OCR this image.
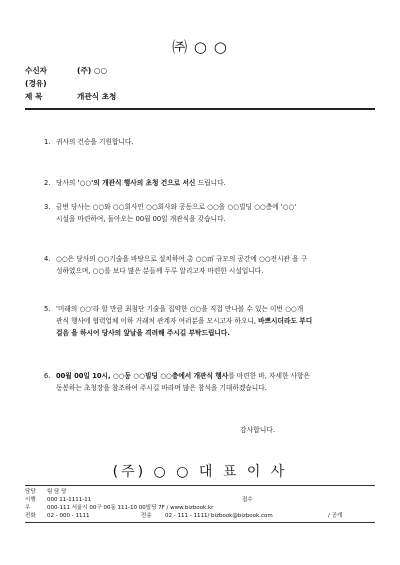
㈜ ○ ○
수신자	(주) ○○
(경유)
제 목	개관식 초청
1. 귀사의 건승을 기원합니다.
2. 당사의 '○○'의 개관식 행사의 초청 건으로 서신 드립니다.
3. 금번 당사는 ○○와 ○○회사인 ○○회사와 공동으로 ○○을 ○○빌딩 ○○층에 '○○'
시설을 마련하여, 돌아오는 00월 00일 개관식을 갖습니다.
4. ○○은 당사의 ○○기술을 바탕으로 설치하여 총 ○○㎡ 규모의 공간에 ○○전시관 을 구
성하였으며, ○○를 보다 많은 분들께 두루 알리고자 마련한 시설입니다.
5. '미래의 ○○'라 할 만큼 최첨단 기술을 집약한 ○○을 직접 만나볼 수 있는 이번 ○○개
관식 행사에 협력업체 이하 거래처 관계자 여러분을 모시고자 하오니, 바쁘시더라도 부디
걸음 을 하시어 당사의 앞날을 격려해 주시길 부탁드립니다.
6. 00월 00일 10시, ○○동 ○○빌딩 ○○층에서 개관식 행사를 마련한 바, 자세한 사항은
동봉하는 초청장을 참조하여 주시길 바라며 많은 참석을 기대하겠습니다.
감사합니다.
(주) ○ ○ 대 표 이 사
담당 팀 담 당
시행 000 11-1111-11	접수
우	000-111 서울시 00구 00동 111-10 00빌딩 7F / www.bizbook.kr
전화 02 - 000 - 1111	전송 02 - 111 - 1111/ bizbook@bizbook.com	/ 공개
